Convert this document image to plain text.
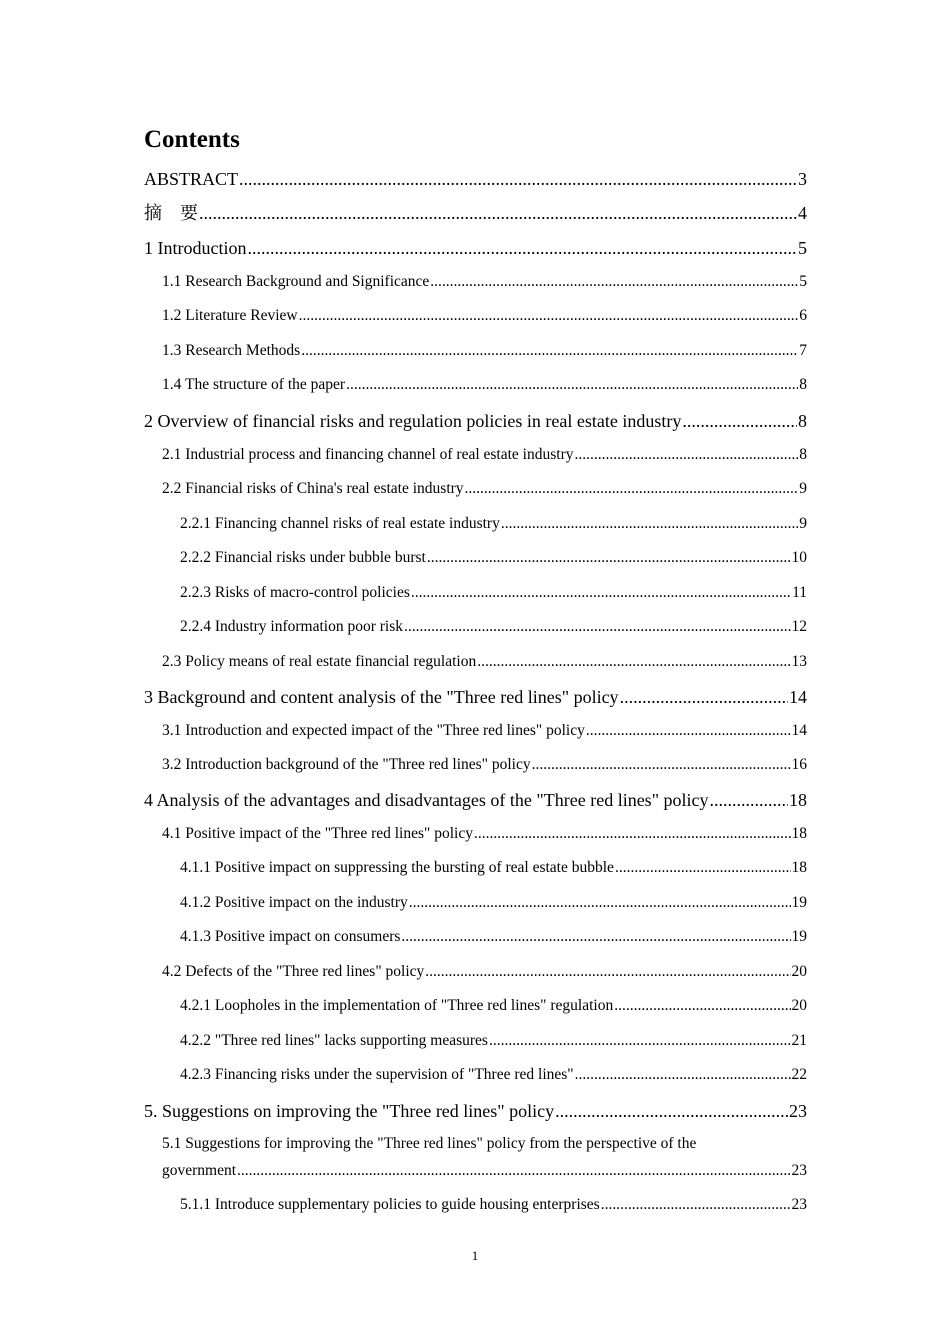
Contents
ABSTRACT .....	3
摘　要 .....	4
1 Introduction .....	5
1.1 Research Background and Significance .....	5
1.2 Literature Review .....	6
1.3 Research Methods .....	7
1.4 The structure of the paper .....	8
2 Overview of financial risks and regulation policies in real estate industry .....	8
2.1 Industrial process and financing channel of real estate industry .....	8
2.2 Financial risks of China's real estate industry .....	9
2.2.1 Financing channel risks of real estate industry .....	9
2.2.2 Financial risks under bubble burst .....	10
2.2.3 Risks of macro-control policies .....	11
2.2.4 Industry information poor risk .....	12
2.3 Policy means of real estate financial regulation .....	13
3 Background and content analysis of the "Three red lines" policy .....	14
3.1 Introduction and expected impact of the "Three red lines" policy .....	14
3.2 Introduction background of the "Three red lines" policy .....	16
4 Analysis of the advantages and disadvantages of the "Three red lines" policy .....	18
4.1 Positive impact of the "Three red lines" policy .....	18
4.1.1 Positive impact on suppressing the bursting of real estate bubble .....	18
4.1.2 Positive impact on the industry .....	19
4.1.3 Positive impact on consumers .....	19
4.2 Defects of the "Three red lines" policy .....	20
4.2.1 Loopholes in the implementation of "Three red lines" regulation .....	20
4.2.2 "Three red lines" lacks supporting measures .....	21
4.2.3 Financing risks under the supervision of "Three red lines" .....	22
5. Suggestions on improving the "Three red lines" policy .....	23
5.1 Suggestions for improving the "Three red lines" policy from the perspective of the
government .....	23
5.1.1 Introduce supplementary policies to guide housing enterprises .....	23
1
